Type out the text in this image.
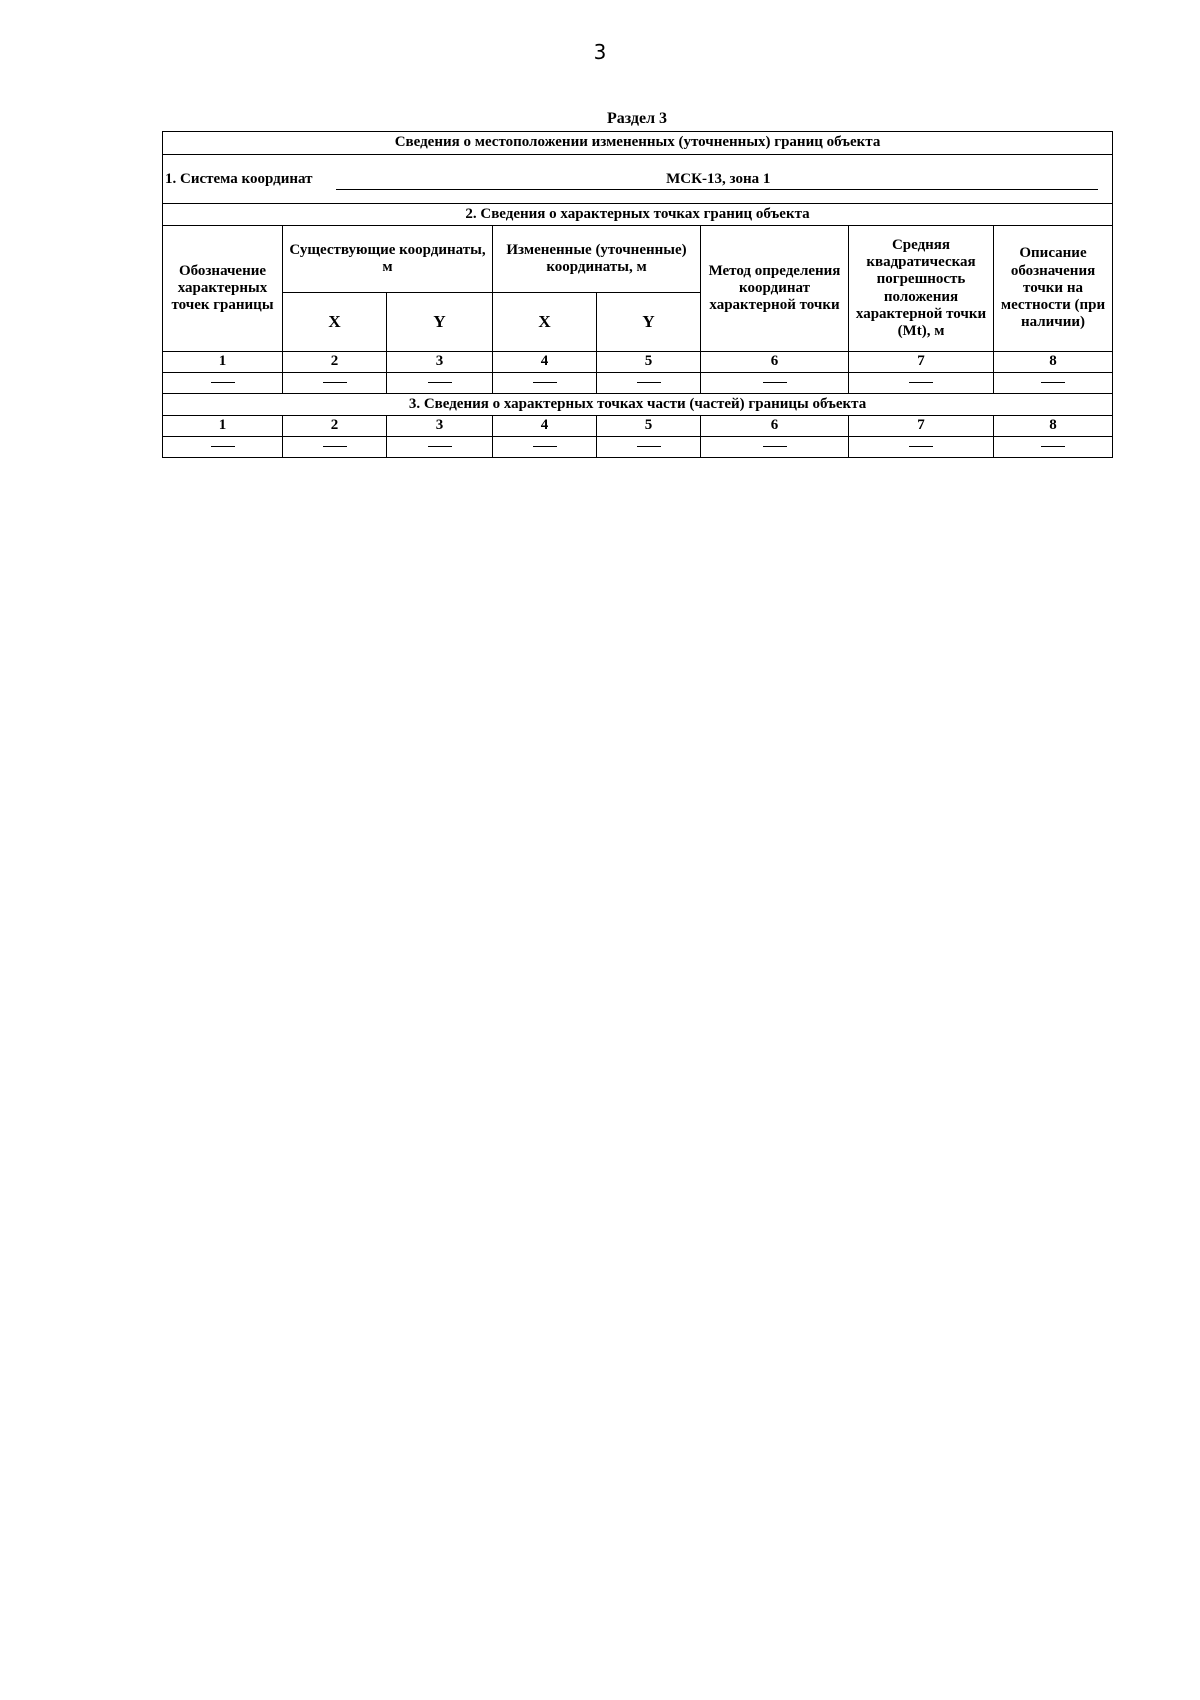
3
Раздел 3
Сведения о местоположении измененных (уточненных) границ объекта							

1. Система координат МСК-13, зона 1							

2. Сведения о характерных точках границ объекта							
Обозначение характерных точек границы	Существующие координаты, м		Измененные (уточненные) координаты, м		Метод определения координат характерной точки	Средняя квадратическая погрешность положения характерной точки (Mt), м	Описание обозначения точки на местности (при наличии)
	X	Y	X	Y			
1	2	3	4	5	6	7	8

3. Сведения о характерных точках части (частей) границы объекта							
1	2	3	4	5	6	7	8
